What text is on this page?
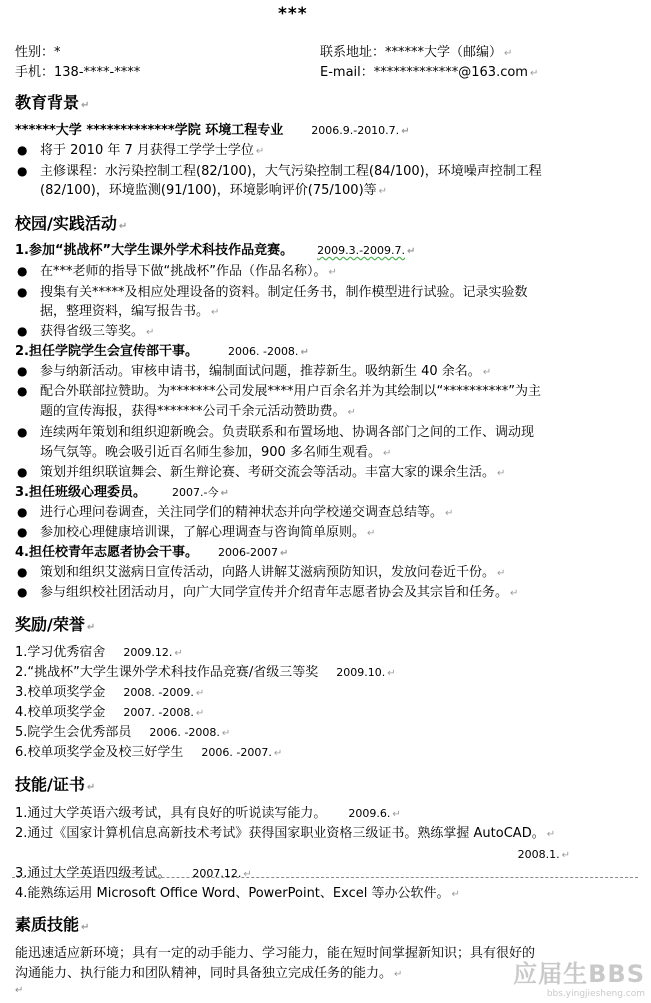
***
性别：*	联系地址：******大学（邮编） ↵
手机：138-****-****	E-mail：*************@163.com ↵
教育背景 ↵
******大学 *************学院 环境工程专业	2006.9.-2010.7. ↵
● 将于 2010 年 7 月获得工学学士学位 ↵
● 主修课程：水污染控制工程(82/100)，大气污染控制工程(84/100)，环境噪声控制工程
(82/100)，环境监测(91/100)，环境影响评价(75/100)等 ↵
校园/实践活动 ↵
1.参加“挑战杯”大学生课外学术科技作品竞赛。 2009.3.-2009.7. ↵
● 在***老师的指导下做“挑战杯”作品（作品名称）。 ↵
● 搜集有关*****及相应处理设备的资料。制定任务书，制作模型进行试验。记录实验数
据，整理资料，编写报告书。 ↵
● 获得省级三等奖。 ↵
2.担任学院学生会宣传部干事。	2006. -2008. ↵
● 参与纳新活动。审核申请书，编制面试问题，推荐新生。吸纳新生 40 余名。 ↵
● 配合外联部拉赞助。为*******公司发展****用户百余名并为其绘制以“**********”为主
题的宣传海报，获得*******公司千余元活动赞助费。 ↵
● 连续两年策划和组织迎新晚会。负责联系和布置场地、协调各部门之间的工作、调动现
场气氛等。晚会吸引近百名师生参加，900 多名师生观看。 ↵
● 策划并组织联谊舞会、新生辩论赛、考研交流会等活动。丰富大家的课余生活。 ↵
3.担任班级心理委员。 2007.-今 ↵
● 进行心理问卷调查，关注同学们的精神状态并向学校递交调查总结等。 ↵
● 参加校心理健康培训课，了解心理调查与咨询简单原则。 ↵
4.担任校青年志愿者协会干事。 2006-2007 ↵
● 策划和组织艾滋病日宣传活动，向路人讲解艾滋病预防知识，发放问卷近千份。 ↵
● 参与组织校社团活动月，向广大同学宣传并介绍青年志愿者协会及其宗旨和任务。 ↵
奖励/荣誉 ↵
1.学习优秀宿舍 2009.12. ↵
2.“挑战杯”大学生课外学术科技作品竞赛/省级三等奖 2009.10. ↵
3.校单项奖学金 2008. -2009. ↵
4.校单项奖学金 2007. -2008. ↵
5.院学生会优秀部员 2006. -2008. ↵
6.校单项奖学金及校三好学生 2006. -2007. ↵
技能/证书 ↵
1.通过大学英语六级考试，具有良好的听说读写能力。 2009.6. ↵
2.通过《国家计算机信息高新技术考试》获得国家职业资格三级证书。熟练掌握 AutoCAD。 ↵
2008.1. ↵
3.通过大学英语四级考试。 2007.12. ↵
4.能熟练运用 Microsoft Office Word、PowerPoint、Excel 等办公软件。 ↵
素质技能 ↵
能迅速适应新环境；具有一定的动手能力、学习能力，能在短时间掌握新知识；具有很好的
沟通能力、执行能力和团队精神，同时具备独立完成任务的能力。 ↵
↵
应届生BBS
bbs.yingjiesheng.com
